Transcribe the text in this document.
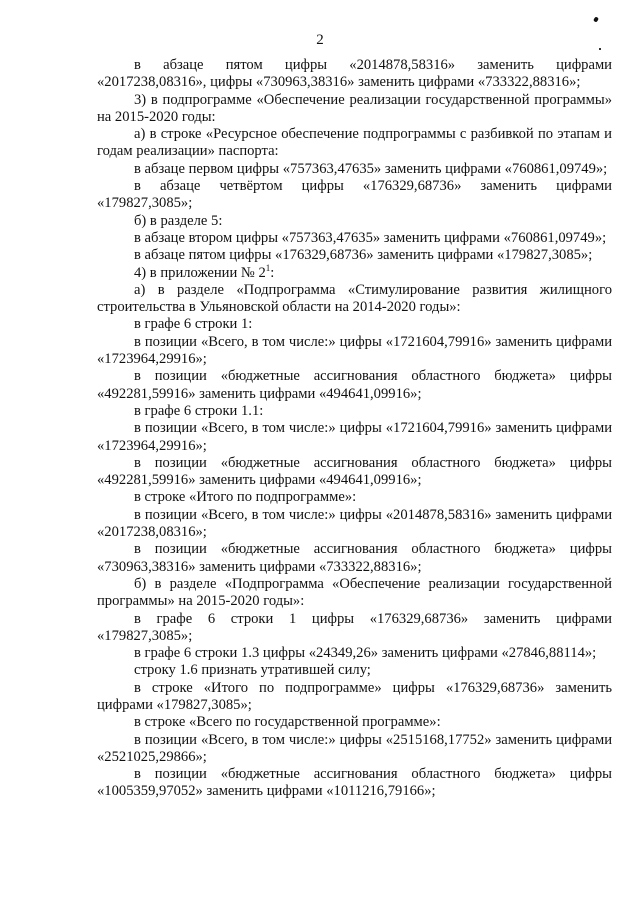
2

в абзаце пятом цифры «2014878,58316» заменить цифрами «2017238,08316», цифры «730963,38316» заменить цифрами «733322,88316»;

3) в подпрограмме «Обеспечение реализации государственной программы» на 2015-2020 годы:

а) в строке «Ресурсное обеспечение подпрограммы с разбивкой по этапам и годам реализации» паспорта:

в абзаце первом цифры «757363,47635» заменить цифрами «760861,09749»;

в абзаце четвёртом цифры «176329,68736» заменить цифрами «179827,3085»;

б) в разделе 5:

в абзаце втором цифры «757363,47635» заменить цифрами «760861,09749»;

в абзаце пятом цифры «176329,68736» заменить цифрами «179827,3085»;

4) в приложении № $2^1$:

а) в разделе «Подпрограмма «Стимулирование развития жилищного строительства в Ульяновской области на 2014-2020 годы»:

в графе 6 строки 1:

в позиции «Всего, в том числе:» цифры «1721604,79916» заменить цифрами «1723964,29916»;

в позиции «бюджетные ассигнования областного бюджета» цифры «492281,59916» заменить цифрами «494641,09916»;

в графе 6 строки 1.1:

в позиции «Всего, в том числе:» цифры «1721604,79916» заменить цифрами «1723964,29916»;

в позиции «бюджетные ассигнования областного бюджета» цифры «492281,59916» заменить цифрами «494641,09916»;

в строке «Итого по подпрограмме»:

в позиции «Всего, в том числе:» цифры «2014878,58316» заменить цифрами «2017238,08316»;

в позиции «бюджетные ассигнования областного бюджета» цифры «730963,38316» заменить цифрами «733322,88316»;

б) в разделе «Подпрограмма «Обеспечение реализации государственной программы» на 2015-2020 годы»:

в графе 6 строки 1 цифры «176329,68736» заменить цифрами «179827,3085»;

в графе 6 строки 1.3 цифры «24349,26» заменить цифрами «27846,88114»;

строку 1.6 признать утратившей силу;

в строке «Итого по подпрограмме» цифры «176329,68736» заменить цифрами «179827,3085»;

в строке «Всего по государственной программе»:

в позиции «Всего, в том числе:» цифры «2515168,17752» заменить цифрами «2521025,29866»;

в позиции «бюджетные ассигнования областного бюджета» цифры «1005359,97052» заменить цифрами «1011216,79166»;
